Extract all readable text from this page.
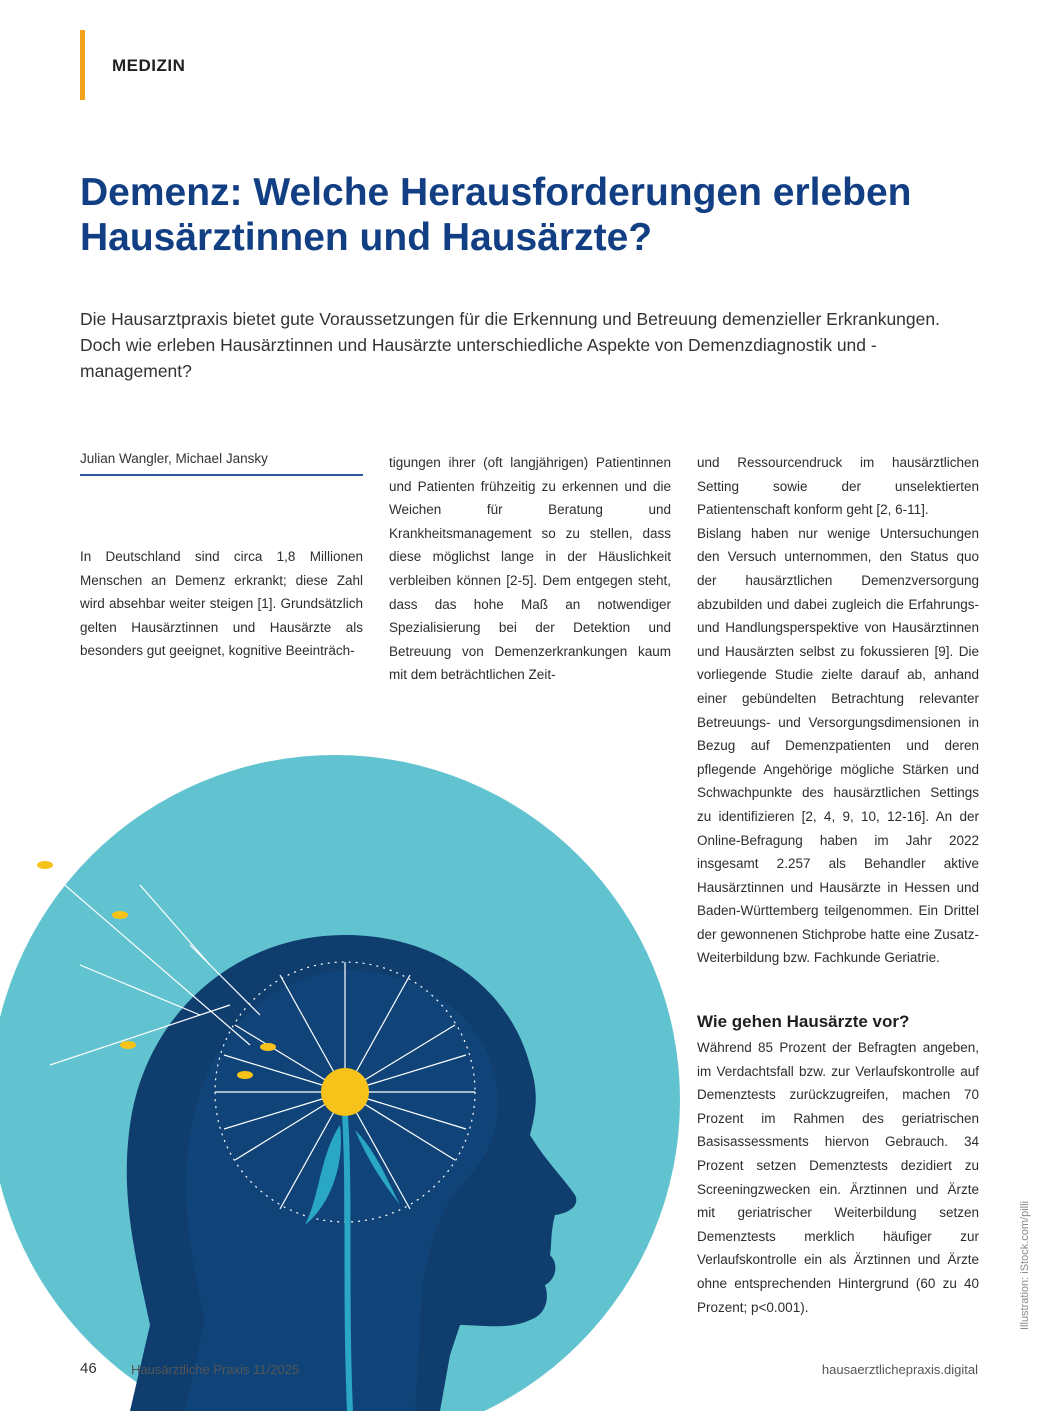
MEDIZIN
Demenz: Welche Herausforderungen erleben Hausärztinnen und Hausärzte?

Die Hausarztpraxis bietet gute Voraussetzungen für die Erkennung und Betreuung demenzieller Erkrankungen. Doch wie erleben Hausärztinnen und Hausärzte unterschiedliche Aspekte von Demenzdiagnostik und -management?

Julian Wangler, Michael Jansky

In Deutschland sind circa 1,8 Millionen Menschen an Demenz erkrankt; diese Zahl wird absehbar weiter steigen [1]. Grundsätzlich gelten Hausärztinnen und Hausärzte als besonders gut geeignet, kognitive Beeinträch-

tigungen ihrer (oft langjährigen) Patientinnen und Patienten frühzeitig zu erkennen und die Weichen für Beratung und Krankheitsmanagement so zu stellen, dass diese möglichst lange in der Häuslichkeit verbleiben können [2-5]. Dem entgegen steht, dass das hohe Maß an notwendiger Spezialisierung bei der Detektion und Betreuung von Demenzerkrankungen kaum mit dem beträchtlichen Zeit-

und Ressourcendruck im hausärztlichen Setting sowie der unselektierten Patientenschaft konform geht [2, 6-11].

Bislang haben nur wenige Untersuchungen den Versuch unternommen, den Status quo der hausärztlichen Demenzversorgung abzubilden und dabei zugleich die Erfahrungs- und Handlungsperspektive von Hausärztinnen und Hausärzten selbst zu fokussieren [9]. Die vorliegende Studie zielte darauf ab, anhand einer gebündelten Betrachtung relevanter Betreuungs- und Versorgungsdimensionen in Bezug auf Demenzpatienten und deren pflegende Angehörige mögliche Stärken und Schwachpunkte des hausärztlichen Settings zu identifizieren [2, 4, 9, 10, 12-16]. An der Online-Befragung haben im Jahr 2022 insgesamt 2.257 als Behandler aktive Hausärztinnen und Hausärzte in Hessen und Baden-Württemberg teilgenommen. Ein Drittel der gewonnenen Stichprobe hatte eine Zusatz-Weiterbildung bzw. Fachkunde Geriatrie.

Wie gehen Hausärzte vor?

Während 85 Prozent der Befragten angeben, im Verdachtsfall bzw. zur Verlaufskontrolle auf Demenztests zurückzugreifen, machen 70 Prozent im Rahmen des geriatrischen Basisassessments hiervon Gebrauch. 34 Prozent setzen Demenztests dezidiert zu Screeningzwecken ein. Ärztinnen und Ärzte mit geriatrischer Weiterbildung setzen Demenztests merklich häufiger zur Verlaufskontrolle ein als Ärztinnen und Ärzte ohne entsprechenden Hintergrund (60 zu 40 Prozent; p<0.001).	Illustration: iStock.com/pilli
46	Hausärztliche Praxis 11/2025	hausaerztlichepraxis.digital
